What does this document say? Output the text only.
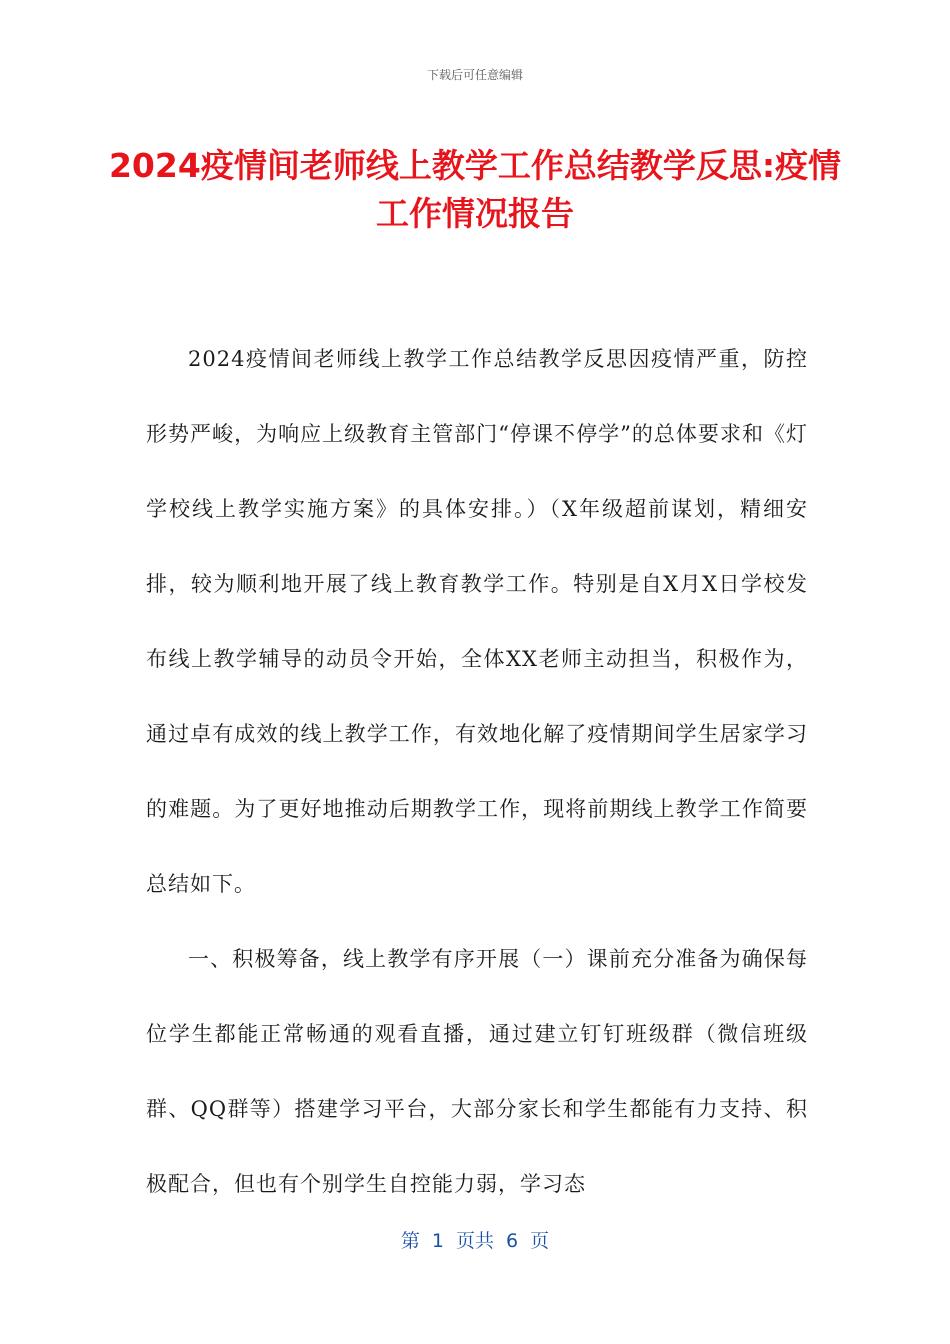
下载后可任意编辑
2024疫情间老师线上教学工作总结教学反思:疫情工作情况报告

2024疫情间老师线上教学工作总结教学反思因疫情严重，防控形势严峻，为响应上级教育主管部门“停课不停学”的总体要求和《灯学校线上教学实施方案》的具体安排。）（X年级超前谋划，精细安排，较为顺利地开展了线上教育教学工作。特别是自X月X日学校发布线上教学辅导的动员令开始，全体XX老师主动担当，积极作为，通过卓有成效的线上教学工作，有效地化解了疫情期间学生居家学习的难题。为了更好地推动后期教学工作，现将前期线上教学工作简要总结如下。

一、积极筹备，线上教学有序开展（一）课前充分准备为确保每位学生都能正常畅通的观看直播，通过建立钉钉班级群（微信班级群、QQ群等）搭建学习平台，大部分家长和学生都能有力支持、积极配合，但也有个别学生自控能力弱，学习态

第 1 页共 6 页
